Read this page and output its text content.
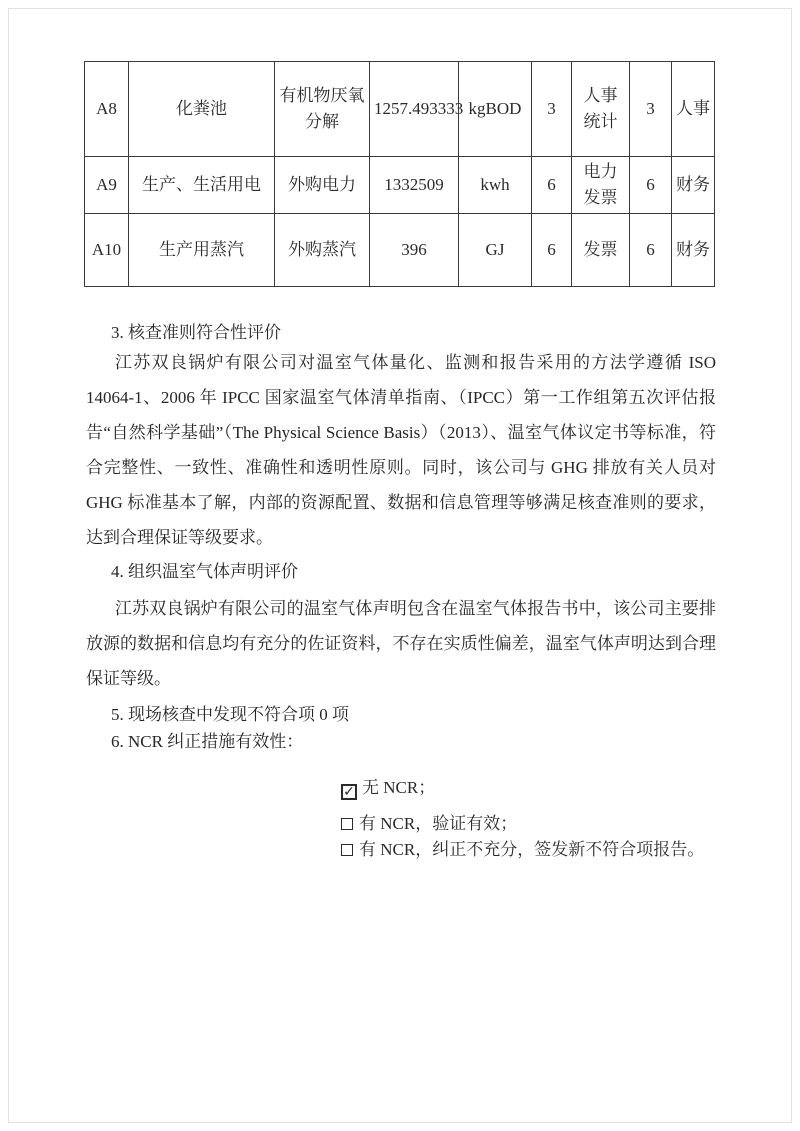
A8	化粪池	有机物厌氧分解	1257.493333	kgBOD	3	人事统计	3	人事
A9	生产、生活用电	外购电力	1332509	kwh	6	电力发票	6	财务
A10	生产用蒸汽	外购蒸汽	396	GJ	6	发票	6	财务
3. 核查准则符合性评价
江苏双良锅炉有限公司对温室气体量化、监测和报告采用的方法学遵循 ISO 14064-1、2006 年 IPCC 国家温室气体清单指南、（IPCC）第一工作组第五次评估报告“自然科学基础”（The Physical Science Basis）（2013）、温室气体议定书等标准，符合完整性、一致性、准确性和透明性原则。同时，该公司与 GHG 排放有关人员对 GHG 标准基本了解，内部的资源配置、数据和信息管理等够满足核查准则的要求，达到合理保证等级要求。
4. 组织温室气体声明评价
江苏双良锅炉有限公司的温室气体声明包含在温室气体报告书中，该公司主要排放源的数据和信息均有充分的佐证资料，不存在实质性偏差，温室气体声明达到合理保证等级。
5. 现场核查中发现不符合项 0 项
6. NCR 纠正措施有效性：
✓ 无 NCR；
有 NCR，验证有效；
有 NCR，纠正不充分，签发新不符合项报告。
